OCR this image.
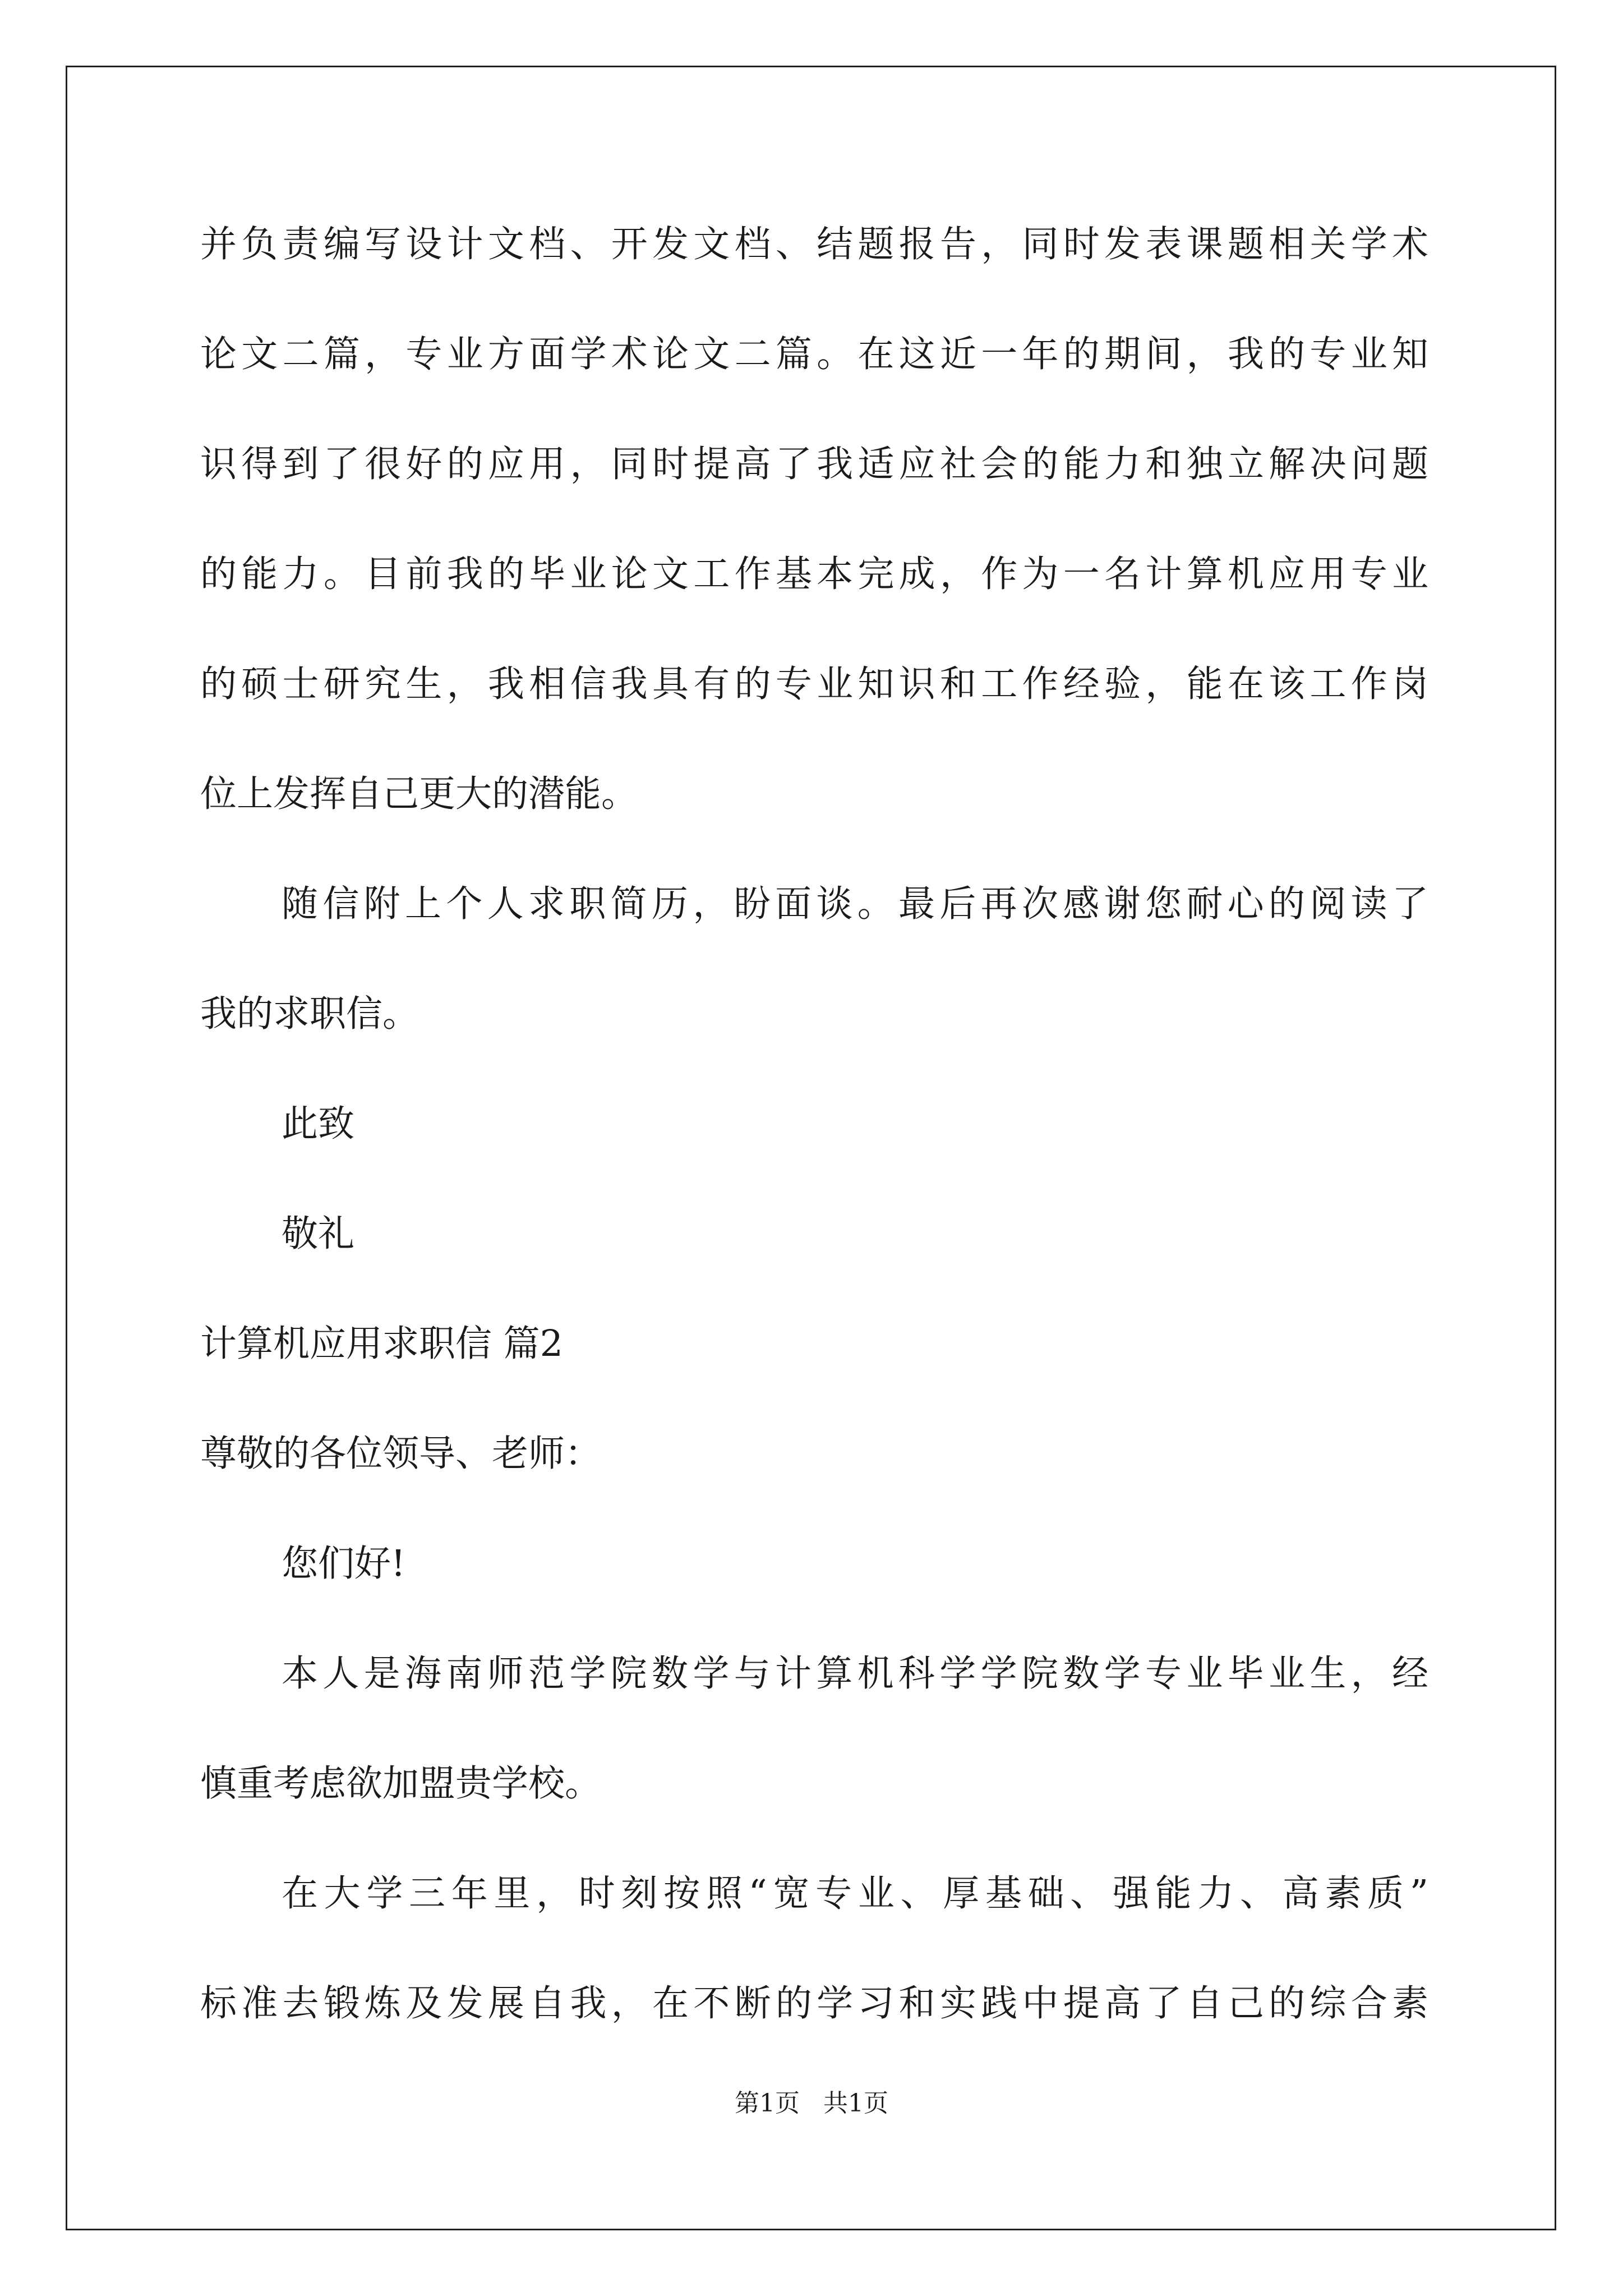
并负责编写设计文档、开发文档、结题报告，同时发表课题相关学术
论文二篇，专业方面学术论文二篇。在这近一年的期间，我的专业知
识得到了很好的应用，同时提高了我适应社会的能力和独立解决问题
的能力。目前我的毕业论文工作基本完成，作为一名计算机应用专业
的硕士研究生，我相信我具有的专业知识和工作经验，能在该工作岗
位上发挥自己更大的潜能。
随信附上个人求职简历，盼面谈。最后再次感谢您耐心的阅读了
我的求职信。
此致
敬礼
计算机应用求职信 篇2
尊敬的各位领导、老师：
您们好!
本人是海南师范学院数学与计算机科学学院数学专业毕业生，经
慎重考虑欲加盟贵学校。
在大学三年里，时刻按照“宽专业、厚基础、强能力、高素质”
标准去锻炼及发展自我，在不断的学习和实践中提高了自己的综合素
第1页   共1页
